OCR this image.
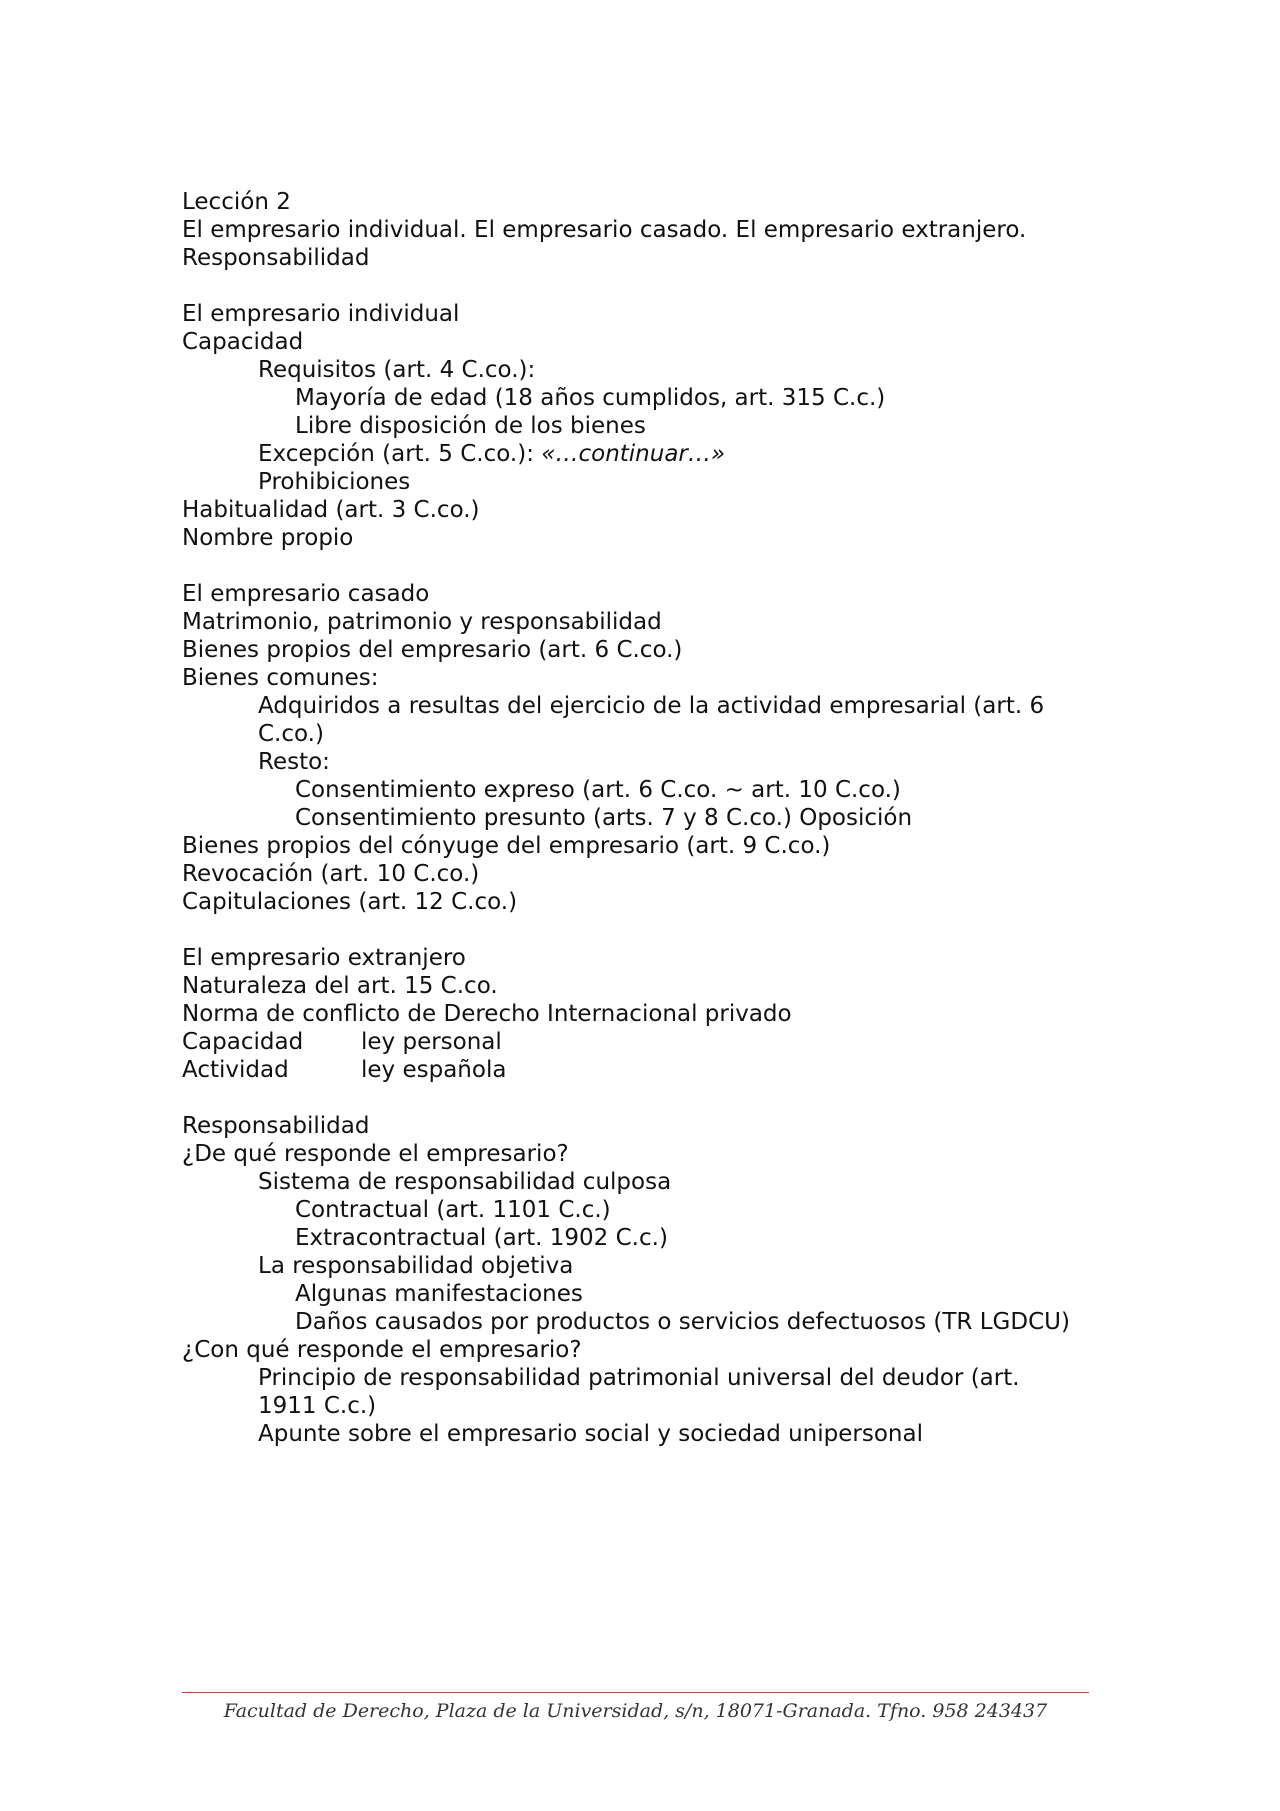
Lección 2
El empresario individual. El empresario casado. El empresario extranjero.
Responsabilidad
El empresario individual
Capacidad
Requisitos (art. 4 C.co.):
Mayoría de edad (18 años cumplidos, art. 315 C.c.)
Libre disposición de los bienes
Excepción (art. 5 C.co.): «…continuar…»
Prohibiciones
Habitualidad (art. 3 C.co.)
Nombre propio
El empresario casado
Matrimonio, patrimonio y responsabilidad
Bienes propios del empresario (art. 6 C.co.)
Bienes comunes:
Adquiridos a resultas del ejercicio de la actividad empresarial (art. 6 C.co.)
Resto:
Consentimiento expreso (art. 6 C.co. ~ art. 10 C.co.)
Consentimiento presunto (arts. 7 y 8 C.co.) Oposición
Bienes propios del cónyuge del empresario (art. 9 C.co.)
Revocación (art. 10 C.co.)
Capitulaciones (art. 12 C.co.)
El empresario extranjero
Naturaleza del art. 15 C.co.
Norma de conflicto de Derecho Internacional privado
Capacidad	ley personal
Actividad	ley española
Responsabilidad
¿De qué responde el empresario?
Sistema de responsabilidad culposa
Contractual (art. 1101 C.c.)
Extracontractual (art. 1902 C.c.)
La responsabilidad objetiva
Algunas manifestaciones
Daños causados por productos o servicios defectuosos (TR LGDCU)
¿Con qué responde el empresario?
Principio de responsabilidad patrimonial universal del deudor (art. 1911 C.c.)
Apunte sobre el empresario social y sociedad unipersonal
Facultad de Derecho, Plaza de la Universidad, s/n, 18071-Granada. Tfno. 958 243437
